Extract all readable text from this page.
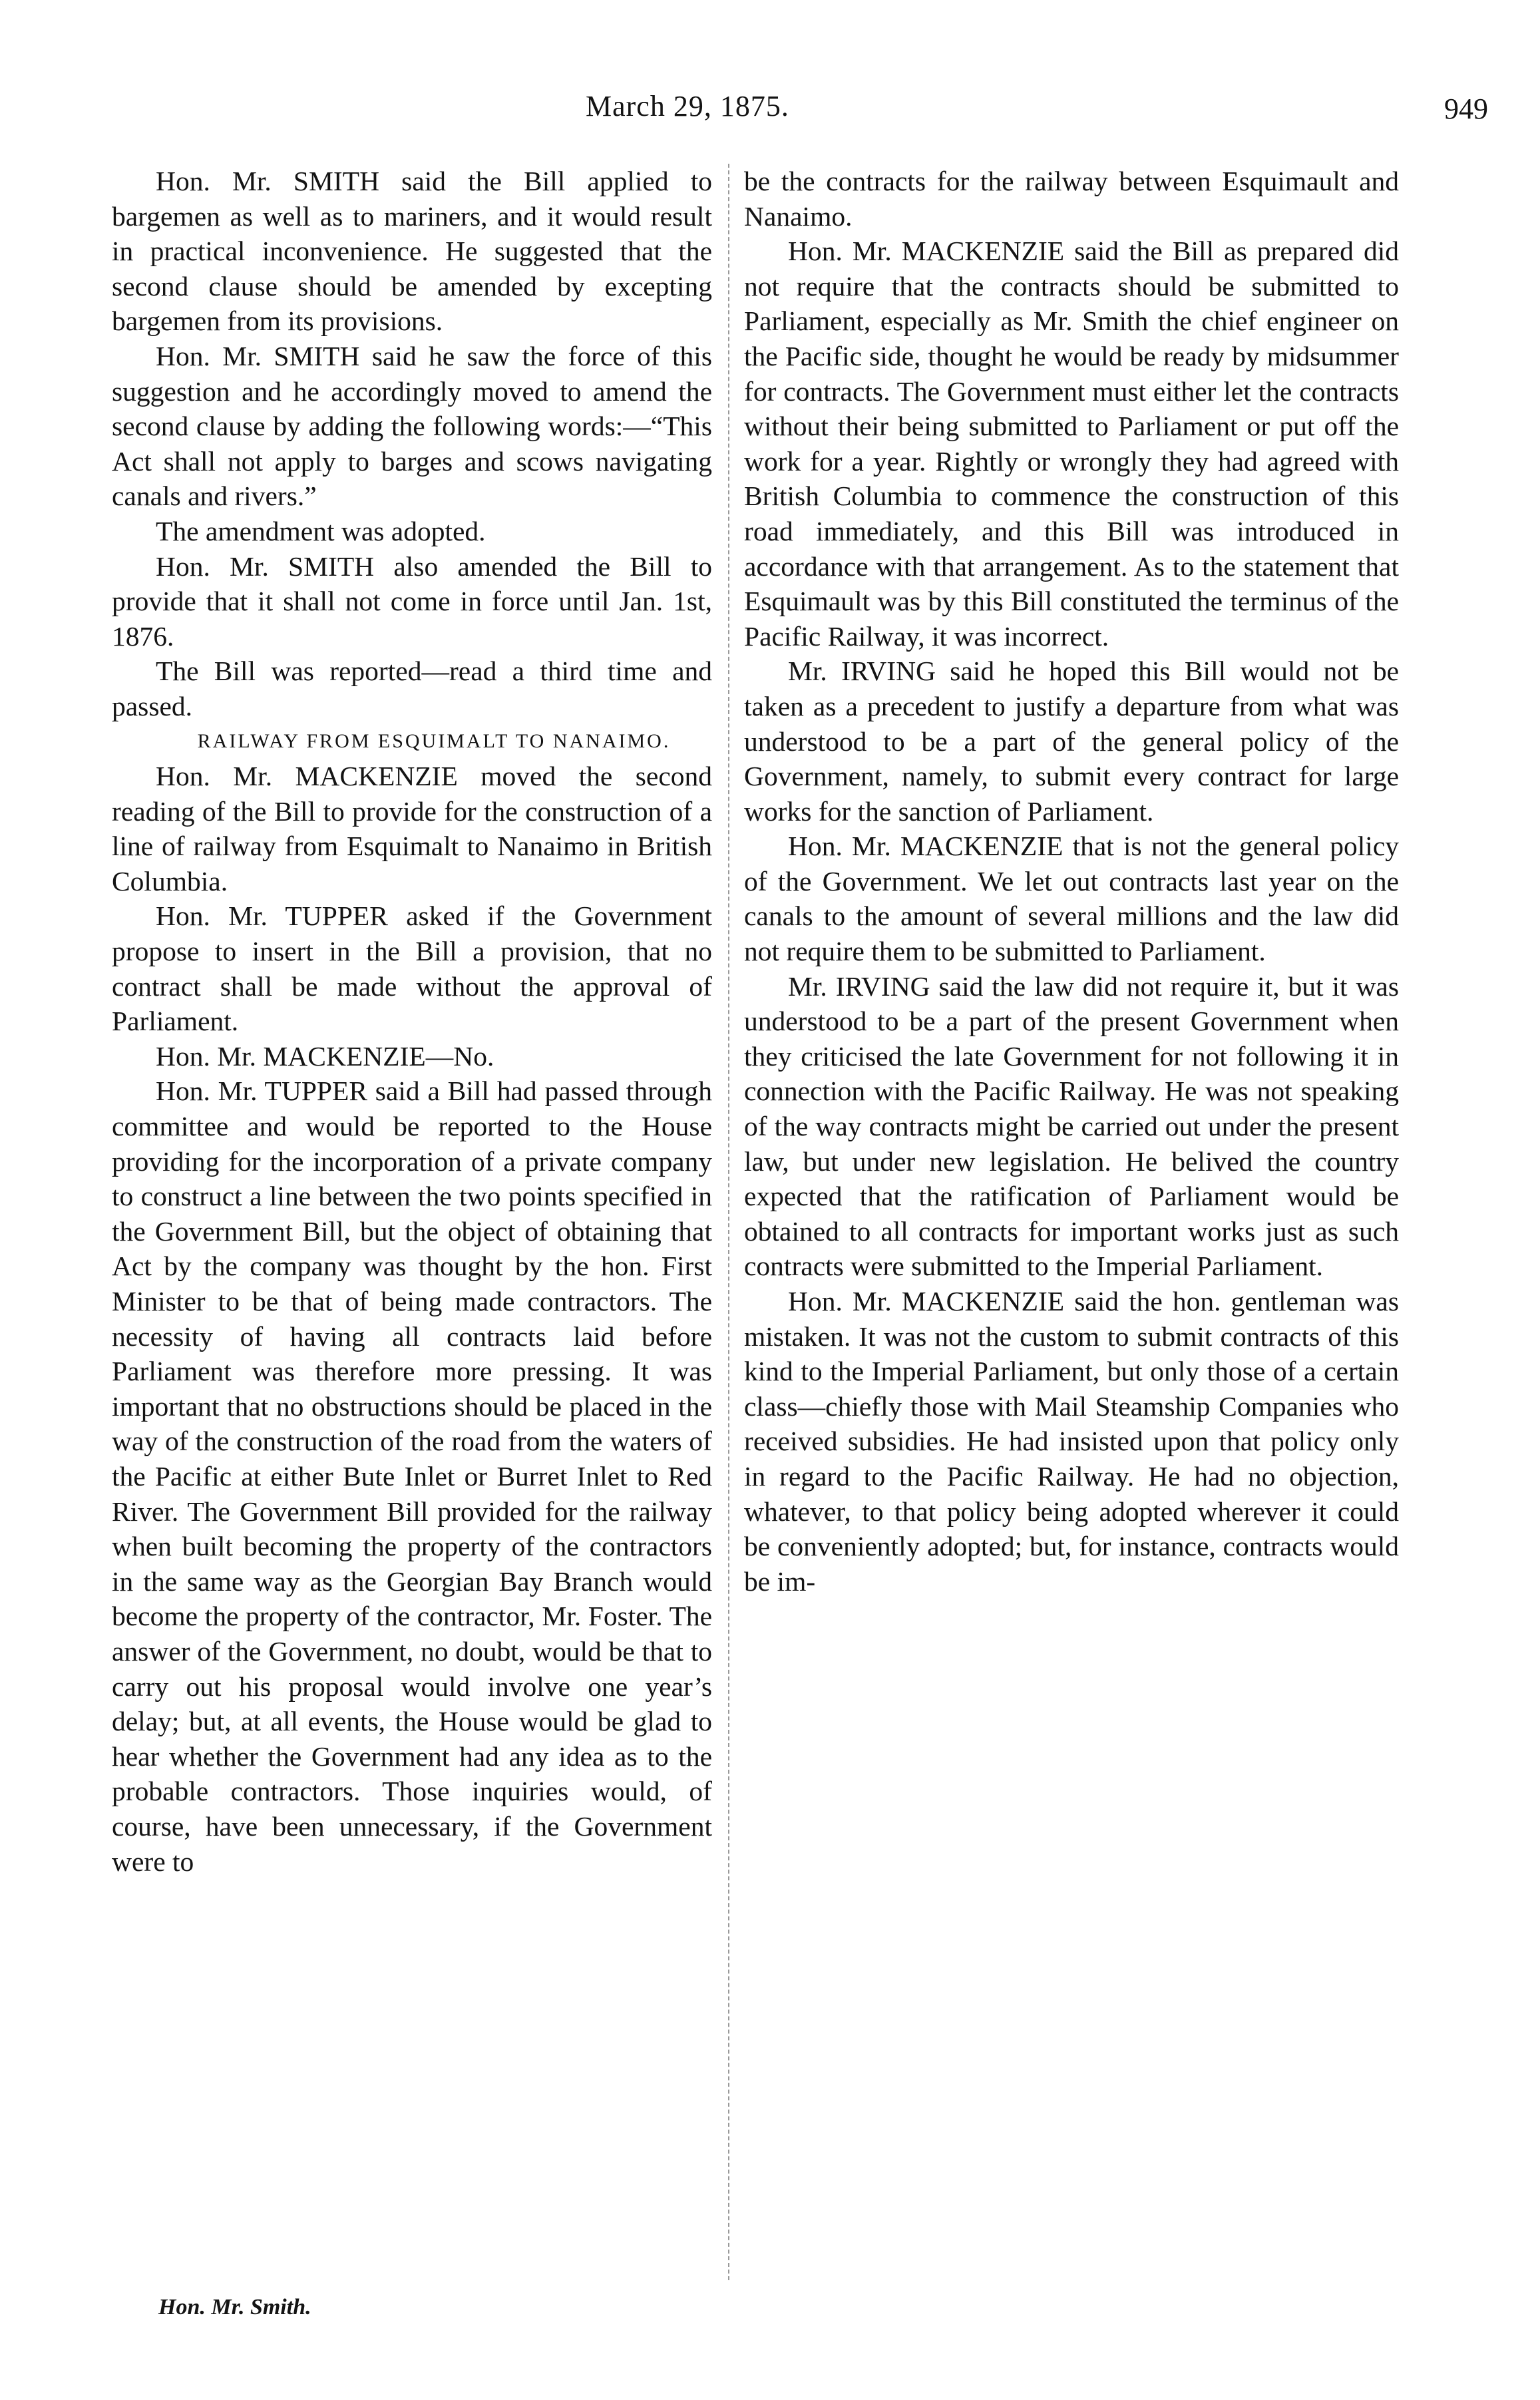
March 29, 1875.	949

Hon. Mr. SMITH said the Bill applied to bargemen as well as to mariners, and it would result in practical inconvenience. He suggested that the second clause should be amended by excepting bargemen from its provisions.

Hon. Mr. SMITH said he saw the force of this suggestion and he accordingly moved to amend the second clause by adding the following words:—“This Act shall not apply to barges and scows navigating canals and rivers.”

The amendment was adopted.

Hon. Mr. SMITH also amended the Bill to provide that it shall not come in force until Jan. 1st, 1876.

The Bill was reported—read a third time and passed.

RAILWAY FROM ESQUIMALT TO NANAIMO.

Hon. Mr. MACKENZIE moved the second reading of the Bill to provide for the construction of a line of railway from Esquimalt to Nanaimo in British Columbia.

Hon. Mr. TUPPER asked if the Government propose to insert in the Bill a provision, that no contract shall be made without the approval of Parliament.

Hon. Mr. MACKENZIE—No.

Hon. Mr. TUPPER said a Bill had passed through committee and would be reported to the House providing for the incorporation of a private company to construct a line between the two points specified in the Government Bill, but the object of obtaining that Act by the company was thought by the hon. First Minister to be that of being made contractors. The necessity of having all contracts laid before Parliament was therefore more pressing. It was important that no obstructions should be placed in the way of the construction of the road from the waters of the Pacific at either Bute Inlet or Burret Inlet to Red River. The Government Bill provided for the railway when built becoming the property of the contractors in the same way as the Georgian Bay Branch would become the property of the contractor, Mr. Foster. The answer of the Government, no doubt, would be that to carry out his proposal would involve one year’s delay; but, at all events, the House would be glad to hear whether the Government had any idea as to the probable contractors. Those inquiries would, of course, have been unnecessary, if the Government were to

be the contracts for the railway between Esquimault and Nanaimo.

Hon. Mr. MACKENZIE said the Bill as prepared did not require that the contracts should be submitted to Parliament, especially as Mr. Smith the chief engineer on the Pacific side, thought he would be ready by midsummer for contracts. The Government must either let the contracts without their being submitted to Parliament or put off the work for a year. Rightly or wrongly they had agreed with British Columbia to commence the construction of this road immediately, and this Bill was introduced in accordance with that arrangement. As to the statement that Esquimault was by this Bill constituted the terminus of the Pacific Railway, it was incorrect.

Mr. IRVING said he hoped this Bill would not be taken as a precedent to justify a departure from what was understood to be a part of the general policy of the Government, namely, to submit every contract for large works for the sanction of Parliament.

Hon. Mr. MACKENZIE that is not the general policy of the Government. We let out contracts last year on the canals to the amount of several millions and the law did not require them to be submitted to Parliament.

Mr. IRVING said the law did not require it, but it was understood to be a part of the present Government when they criticised the late Government for not following it in connection with the Pacific Railway. He was not speaking of the way contracts might be carried out under the present law, but under new legislation. He belived the country expected that the ratification of Parliament would be obtained to all contracts for important works just as such contracts were submitted to the Imperial Parliament.

Hon. Mr. MACKENZIE said the hon. gentleman was mistaken. It was not the custom to submit contracts of this kind to the Imperial Parliament, but only those of a certain class—chiefly those with Mail Steamship Companies who received subsidies. He had insisted upon that policy only in regard to the Pacific Railway. He had no objection, whatever, to that policy being adopted wherever it could be conveniently adopted; but, for instance, contracts would be im-

Hon. Mr. Smith.
